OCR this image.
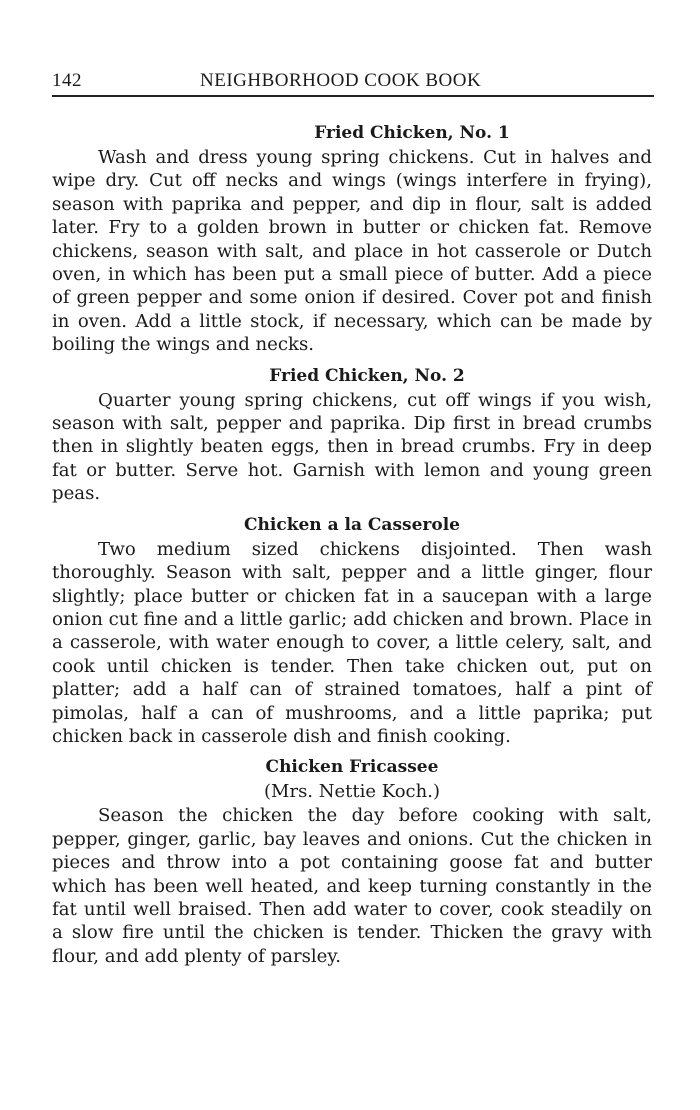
142	NEIGHBORHOOD COOK BOOK
Fried Chicken, No. 1

Wash and dress young spring chickens. Cut in halves and wipe dry. Cut off necks and wings (wings interfere in frying), season with paprika and pepper, and dip in flour, salt is added later. Fry to a golden brown in butter or chicken fat. Remove chickens, season with salt, and place in hot casserole or Dutch oven, in which has been put a small piece of butter. Add a piece of green pepper and some onion if desired. Cover pot and finish in oven. Add a little stock, if necessary, which can be made by boiling the wings and necks.

Fried Chicken, No. 2

Quarter young spring chickens, cut off wings if you wish, season with salt, pepper and paprika. Dip first in bread crumbs then in slightly beaten eggs, then in bread crumbs. Fry in deep fat or butter. Serve hot. Garnish with lemon and young green peas.

Chicken a la Casserole

Two medium sized chickens disjointed. Then wash thoroughly. Season with salt, pepper and a little ginger, flour slightly; place butter or chicken fat in a saucepan with a large onion cut fine and a little garlic; add chicken and brown. Place in a casserole, with water enough to cover, a little celery, salt, and cook until chicken is tender. Then take chicken out, put on platter; add a half can of strained tomatoes, half a pint of pimolas, half a can of mushrooms, and a little paprika; put chicken back in casserole dish and finish cooking.

Chicken Fricassee

(Mrs. Nettie Koch.)

Season the chicken the day before cooking with salt, pepper, ginger, garlic, bay leaves and onions. Cut the chicken in pieces and throw into a pot containing goose fat and butter which has been well heated, and keep turning constantly in the fat until well braised. Then add water to cover, cook steadily on a slow fire until the chicken is tender. Thicken the gravy with flour, and add plenty of parsley.
